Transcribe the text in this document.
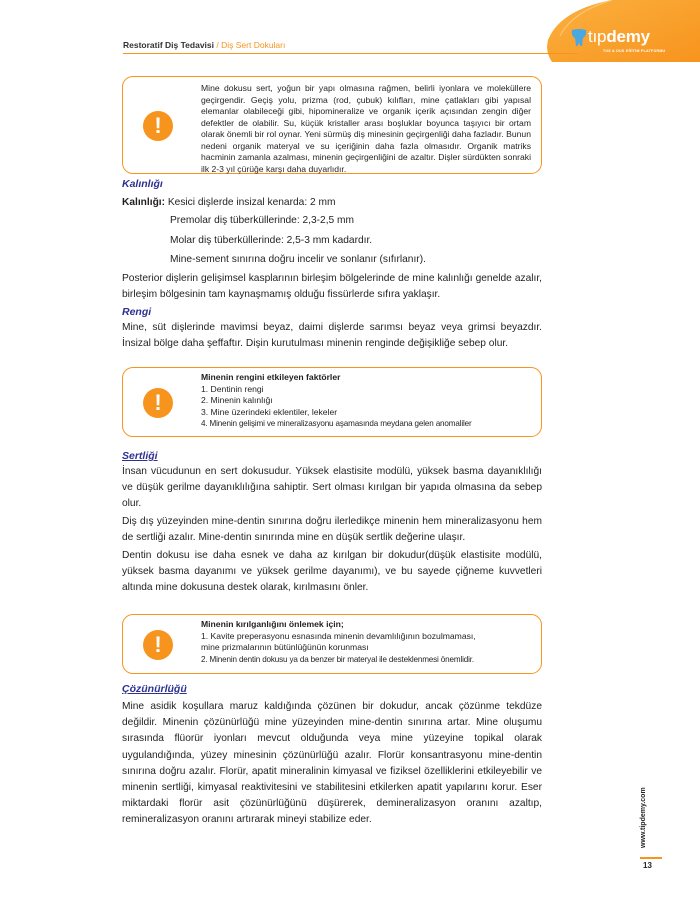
Restoratif Diş Tedavisi / Diş Sert Dokuları	tıpdemy
TUS & DUS EĞİTİM PLATFORMU
!

Mine dokusu sert, yoğun bir yapı olmasına rağmen, belirli iyonlara ve moleküllere geçirgendir. Geçiş yolu, prizma (rod, çubuk) kılıfları, mine çatlakları gibi yapısal elemanlar olabileceği gibi, hipomineralize ve organik içerik açısından zengin diğer defektler de olabilir. Su, küçük kristaller arası boşluklar boyunca taşıyıcı bir ortam olarak önemli bir rol oynar. Yeni sürmüş diş minesinin geçirgenliği daha fazladır. Bunun nedeni organik materyal ve su içeriğinin daha fazla olmasıdır. Organik matriks hacminin zamanla azalması, minenin geçirgenliğini de azaltır. Dişler sürdükten sonraki ilk 2-3 yıl çürüğe karşı daha duyarlıdır.

Kalınlığı

Kalınlığı: Kesici dişlerde insizal kenarda: 2 mm

Premolar diş tüberküllerinde: 2,3-2,5 mm

Molar diş tüberküllerinde: 2,5-3 mm kadardır.

Mine-sement sınırına doğru incelir ve sonlanır (sıfırlanır).

Posterior dişlerin gelişimsel kasplarının birleşim bölgelerinde de mine kalınlığı genelde azalır, birleşim bölgesinin tam kaynaşmamış olduğu fissürlerde sıfıra yaklaşır.

Rengi

Mine, süt dişlerinde mavimsi beyaz, daimi dişlerde sarımsı beyaz veya grimsi beyazdır. İnsizal bölge daha şeffaftır. Dişin kurutulması minenin renginde değişikliğe sebep olur.

!

Minenin rengini etkileyen faktörler

1. Dentinin rengi

2. Minenin kalınlığı

3. Mine üzerindeki eklentiler, lekeler

4. Minenin gelişimi ve mineralizasyonu aşamasında meydana gelen anomaliler

Sertliği

İnsan vücudunun en sert dokusudur. Yüksek elastisite modülü, yüksek basma dayanıklılığı ve düşük gerilme dayanıklılığına sahiptir. Sert olması kırılgan bir yapıda olmasına da sebep olur.

Diş dış yüzeyinden mine-dentin sınırına doğru ilerledikçe minenin hem mineralizasyonu hem de sertliği azalır. Mine-dentin sınırında mine en düşük sertlik değerine ulaşır.

Dentin dokusu ise daha esnek ve daha az kırılgan bir dokudur(düşük elastisite modülü, yüksek basma dayanımı ve yüksek gerilme dayanımı), ve bu sayede çiğneme kuvvetleri altında mine dokusuna destek olarak, kırılmasını önler.

!

Minenin kırılganlığını önlemek için;

1. Kavite preperasyonu esnasında minenin devamlılığının bozulmaması,

mine prizmalarının bütünlüğünün korunması

2. Minenin dentin dokusu ya da benzer bir materyal ile desteklenmesi önemlidir.

Çözünürlüğü

Mine asidik koşullara maruz kaldığında çözünen bir dokudur, ancak çözünme tekdüze değildir. Minenin çözünürlüğü mine yüzeyinden mine-dentin sınırına artar. Mine oluşumu sırasında flüorür iyonları mevcut olduğunda veya mine yüzeyine topikal olarak uygulandığında, yüzey minesinin çözünürlüğü azalır. Florür konsantrasyonu mine-dentin sınırına doğru azalır. Florür, apatit mineralinin kimyasal ve fiziksel özelliklerini etkileyebilir ve minenin sertliği, kimyasal reaktivitesini ve stabilitesini etkilerken apatit yapılarını korur. Eser miktardaki florür asit çözünürlüğünü düşürerek, demineralizasyon oranını azaltıp, remineralizasyon oranını artırarak mineyi stabilize eder.	www.tipdemy.com
13
